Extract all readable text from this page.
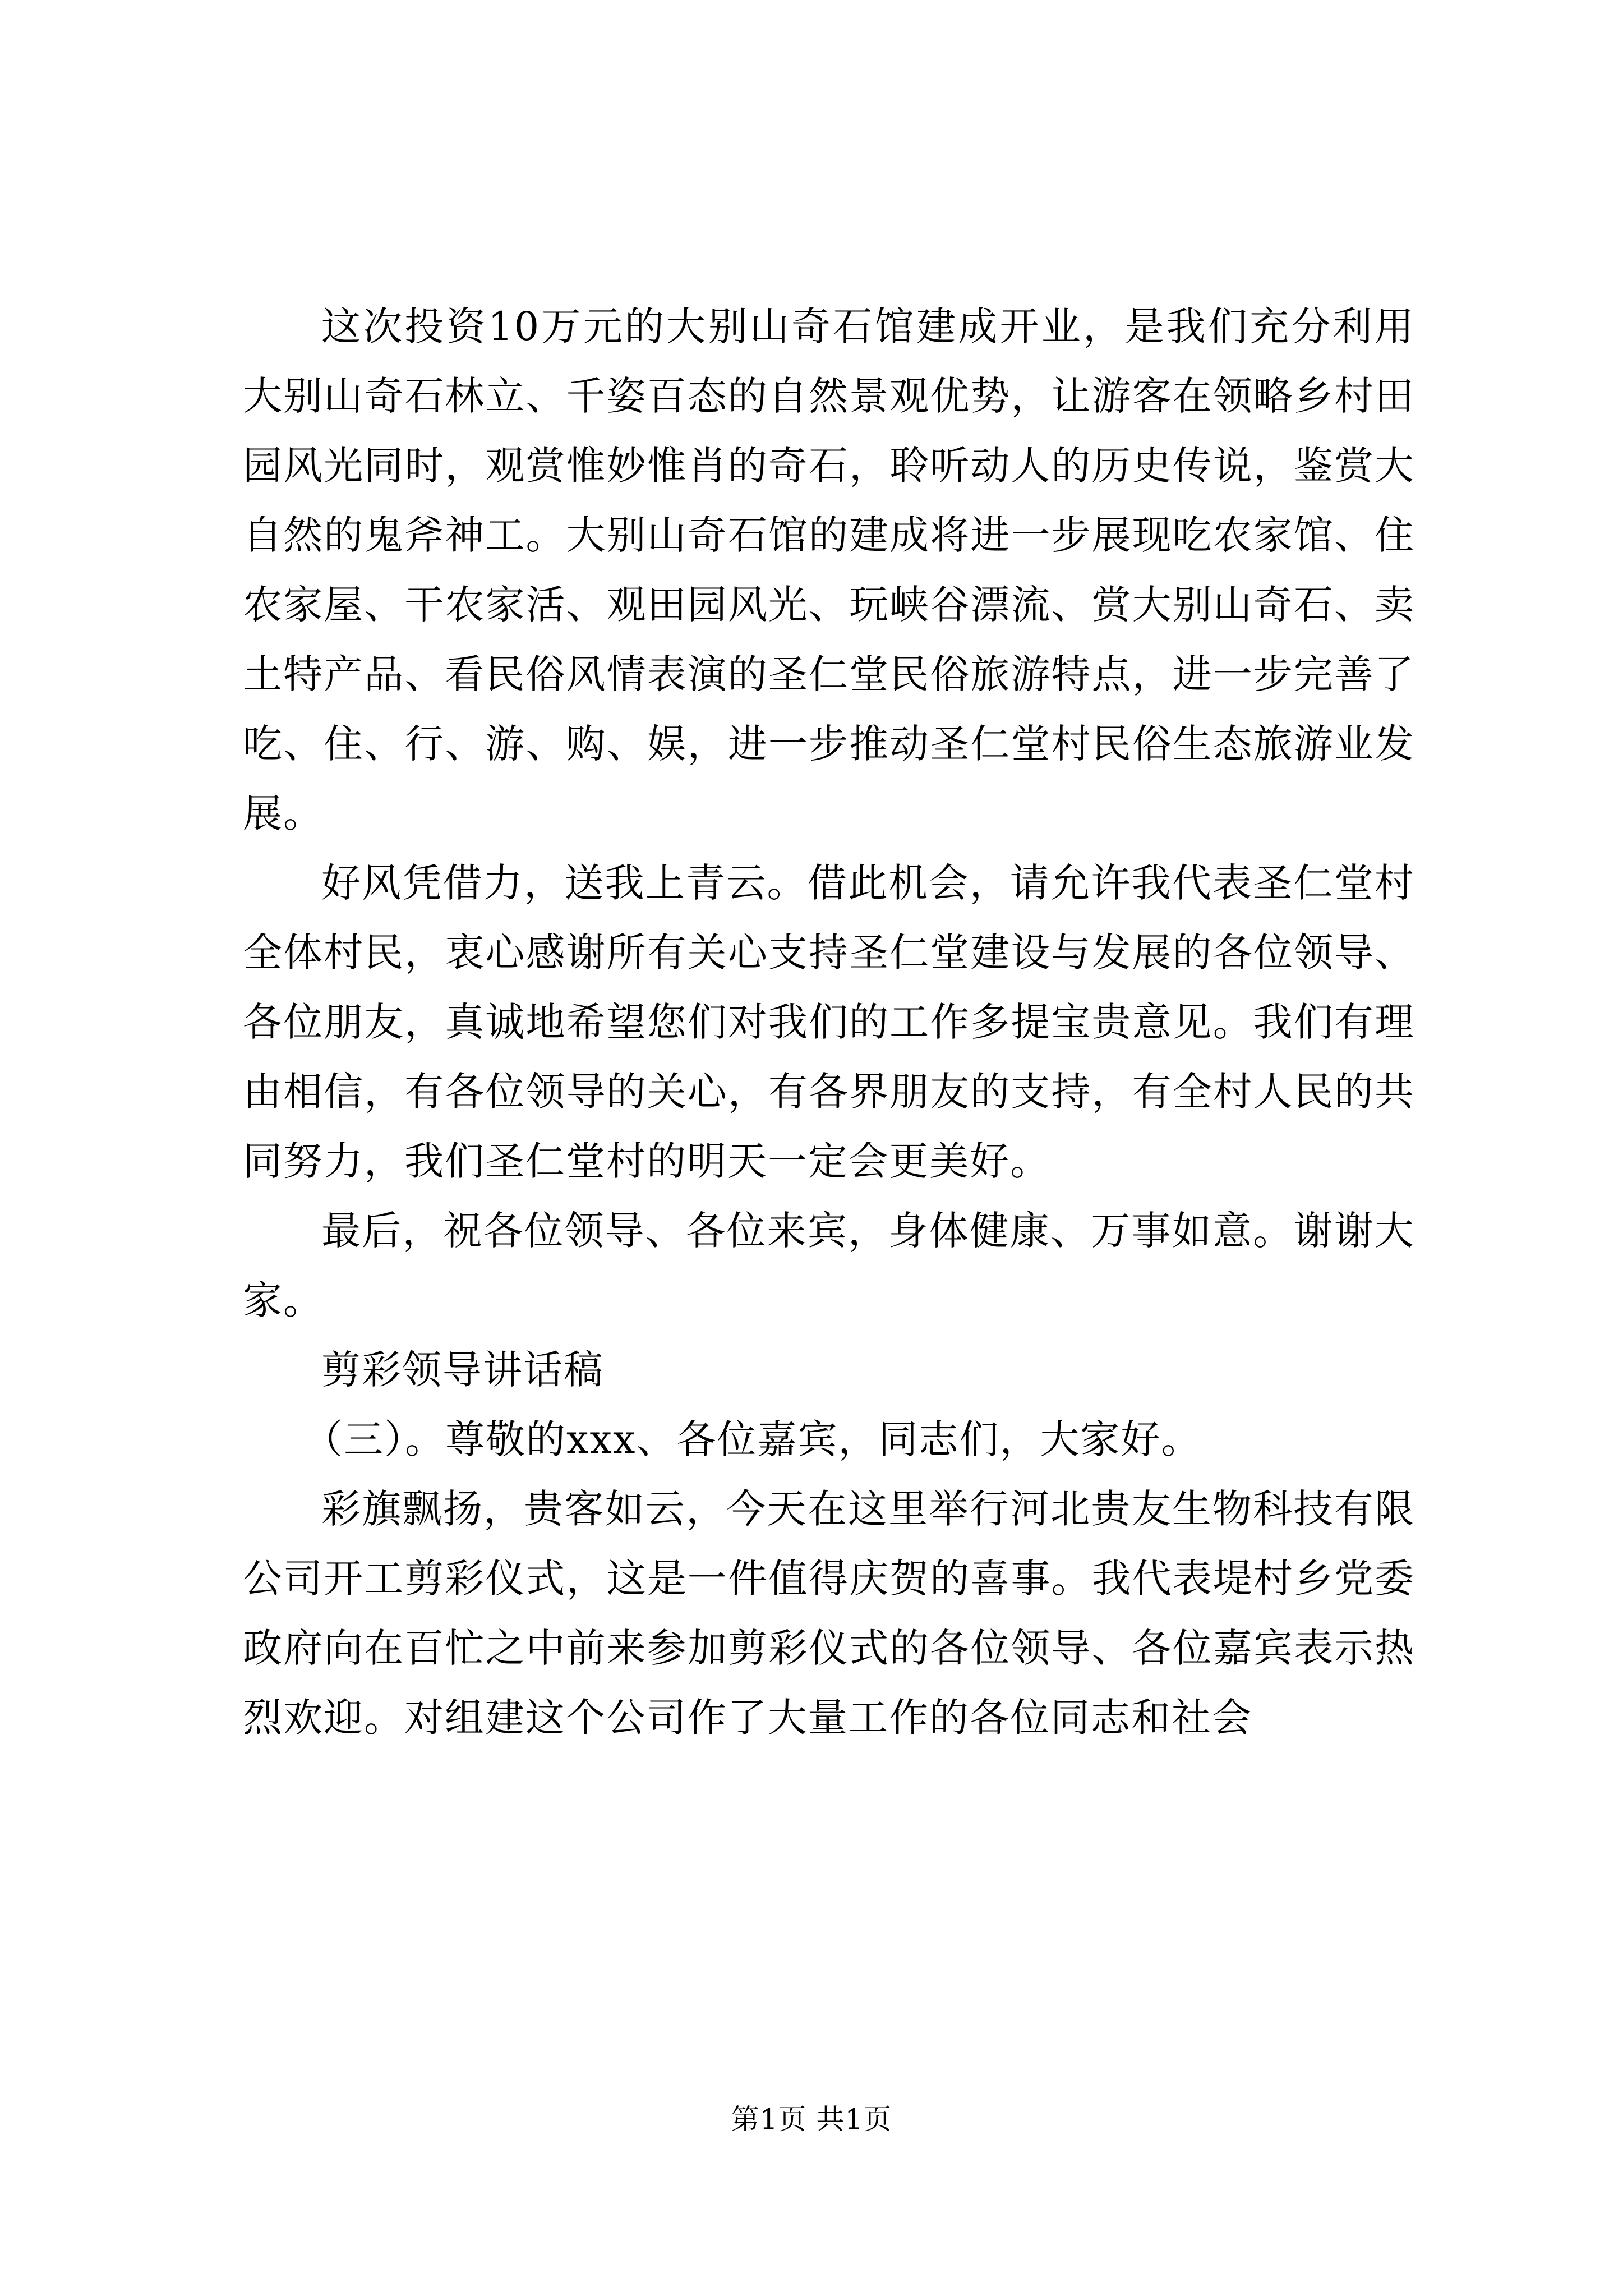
这次投资10万元的大别山奇石馆建成开业，是我们充分利用大别山奇石林立、千姿百态的自然景观优势，让游客在领略乡村田园风光同时，观赏惟妙惟肖的奇石，聆听动人的历史传说，鉴赏大自然的鬼斧神工。大别山奇石馆的建成将进一步展现吃农家馆、住农家屋、干农家活、观田园风光、玩峡谷漂流、赏大别山奇石、卖土特产品、看民俗风情表演的圣仁堂民俗旅游特点，进一步完善了吃、住、行、游、购、娱，进一步推动圣仁堂村民俗生态旅游业发展。

好风凭借力，送我上青云。借此机会，请允许我代表圣仁堂村全体村民，衷心感谢所有关心支持圣仁堂建设与发展的各位领导、各位朋友，真诚地希望您们对我们的工作多提宝贵意见。我们有理由相信，有各位领导的关心，有各界朋友的支持，有全村人民的共同努力，我们圣仁堂村的明天一定会更美好。

最后，祝各位领导、各位来宾，身体健康、万事如意。谢谢大家。

剪彩领导讲话稿

（三）。尊敬的xxx、各位嘉宾，同志们，大家好。

彩旗飘扬，贵客如云，今天在这里举行河北贵友生物科技有限公司开工剪彩仪式，这是一件值得庆贺的喜事。我代表堤村乡党委政府向在百忙之中前来参加剪彩仪式的各位领导、各位嘉宾表示热烈欢迎。对组建这个公司作了大量工作的各位同志和社会

第1页 共1页
